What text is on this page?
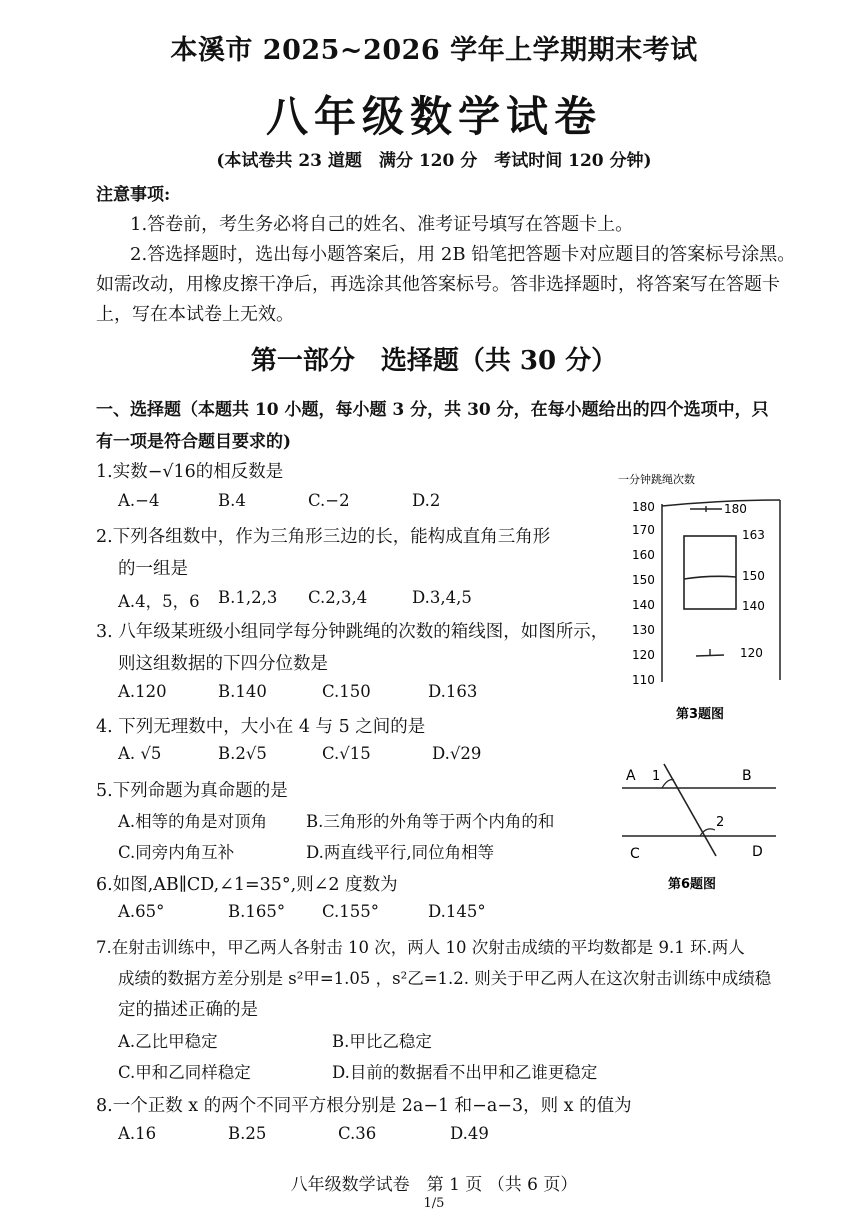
本溪市 2025~2026 学年上学期期末考试
八年级数学试卷
(本试卷共 23 道题　满分 120 分　考试时间 120 分钟)
注意事项:
1.答卷前，考生务必将自己的姓名、准考证号填写在答题卡上。
2.答选择题时，选出每小题答案后，用 2B 铅笔把答题卡对应题目的答案标号涂黑。
如需改动，用橡皮擦干净后，再选涂其他答案标号。答非选择题时，将答案写在答题卡
上，写在本试卷上无效。
第一部分　选择题（共 30 分）
一、选择题（本题共 10 小题，每小题 3 分，共 30 分，在每小题给出的四个选项中，只
有一项是符合题目要求的)
1.实数−√16的相反数是
A.−4	B.4	C.−2	D.2
2.下列各组数中，作为三角形三边的长，能构成直角三角形
的一组是
A.4，5，6 B.1,2,3 C.2,3,4	D.3,4,5
3. 八年级某班级小组同学每分钟跳绳的次数的箱线图，如图所示，
则这组数据的下四分位数是
A.120	B.140	C.150	D.163
4. 下列无理数中，大小在 4 与 5 之间的是
A. √5	B.2√5	C.√15	D.√29
5.下列命题为真命题的是
A.相等的角是对顶角 B.三角形的外角等于两个内角的和
C.同旁内角互补	D.两直线平行,同位角相等
6.如图,AB∥CD,∠1=35°,则∠2 度数为
A.65°	B.165° C.155°	D.145°
7.在射击训练中，甲乙两人各射击 10 次，两人 10 次射击成绩的平均数都是 9.1 环.两人
成绩的数据方差分别是 s²甲=1.05 ，s²乙=1.2. 则关于甲乙两人在这次射击训练中成绩稳
定的描述正确的是
A.乙比甲稳定	B.甲比乙稳定
C.甲和乙同样稳定	D.目前的数据看不出甲和乙谁更稳定
8.一个正数 x 的两个不同平方根分别是 2a−1 和−a−3，则 x 的值为
A.16	B.25	C.36	D.49
一分钟跳绳次数
180
170
160
150
140
130
120
110
180
163
150
140
120
第3题图
A 1	B
2
C	D
第6题图
八年级数学试卷　第 1 页 （共 6 页）
1/5
